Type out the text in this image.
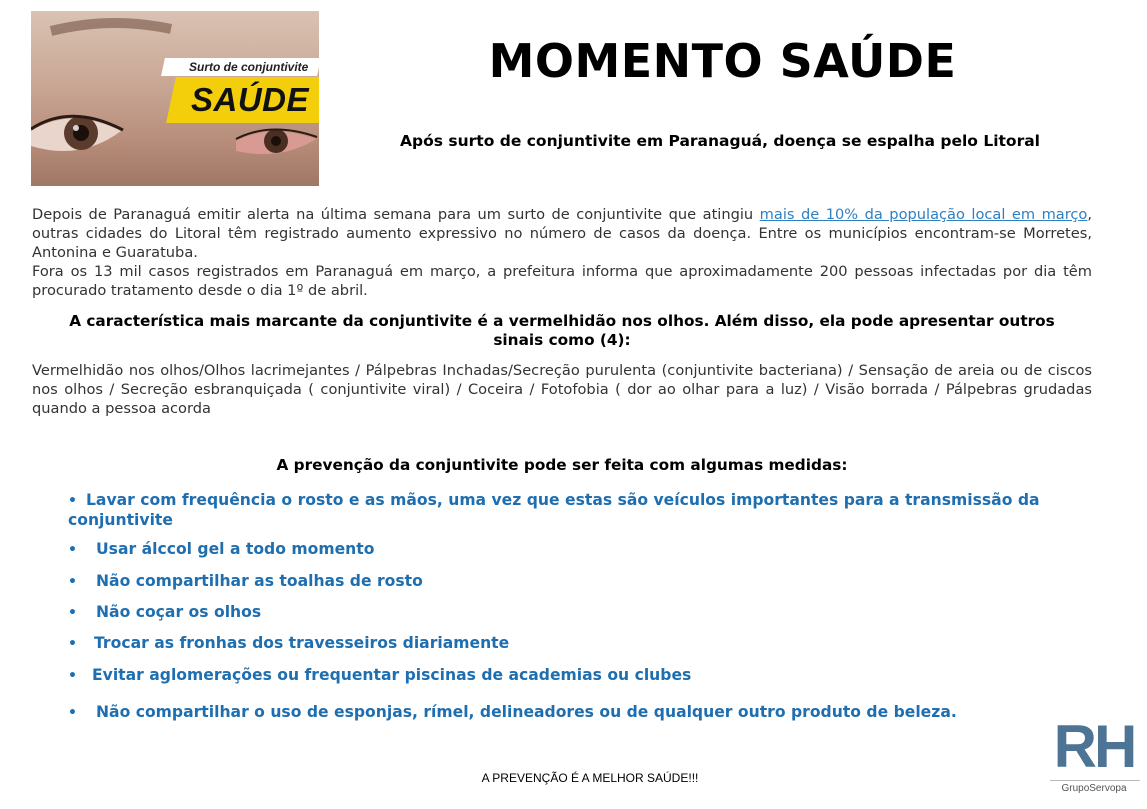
Surto de conjuntivite
SAÚDE
MOMENTO SAÚDE
Após surto de conjuntivite em Paranaguá, doença se espalha pelo Litoral

Depois de Paranaguá emitir alerta na última semana para um surto de conjuntivite que atingiu mais de 10% da população local em março, outras cidades do Litoral têm registrado aumento expressivo no número de casos da doença. Entre os municípios encontram-se Morretes, Antonina e Guaratuba.

Fora os 13 mil casos registrados em Paranaguá em março, a prefeitura informa que aproximadamente 200 pessoas infectadas por dia têm procurado tratamento desde o dia 1º de abril.

A característica mais marcante da conjuntivite é a vermelhidão nos olhos. Além disso, ela pode apresentar outros sinais como (4):

Vermelhidão nos olhos/Olhos lacrimejantes / Pálpebras Inchadas/Secreção purulenta (conjuntivite bacteriana) / Sensação de areia ou de ciscos nos olhos / Secreção esbranquiçada ( conjuntivite viral) / Coceira / Fotofobia ( dor ao olhar para a luz) / Visão borrada / Pálpebras grudadas quando a pessoa acorda

A prevenção da conjuntivite pode ser feita com algumas medidas:
• Lavar com frequência o rosto e as mãos, uma vez que estas são veículos importantes para a transmissão da conjuntivite
• Usar álccol gel a todo momento
• Não compartilhar as toalhas de rosto
• Não coçar os olhos
• Trocar as fronhas dos travesseiros diariamente
• Evitar aglomerações ou frequentar piscinas de academias ou clubes
• Não compartilhar o uso de esponjas, rímel, delineadores ou de qualquer outro produto de beleza.
A PREVENÇÃO É A MELHOR SAÚDE!!!	RH
GrupoServopa
